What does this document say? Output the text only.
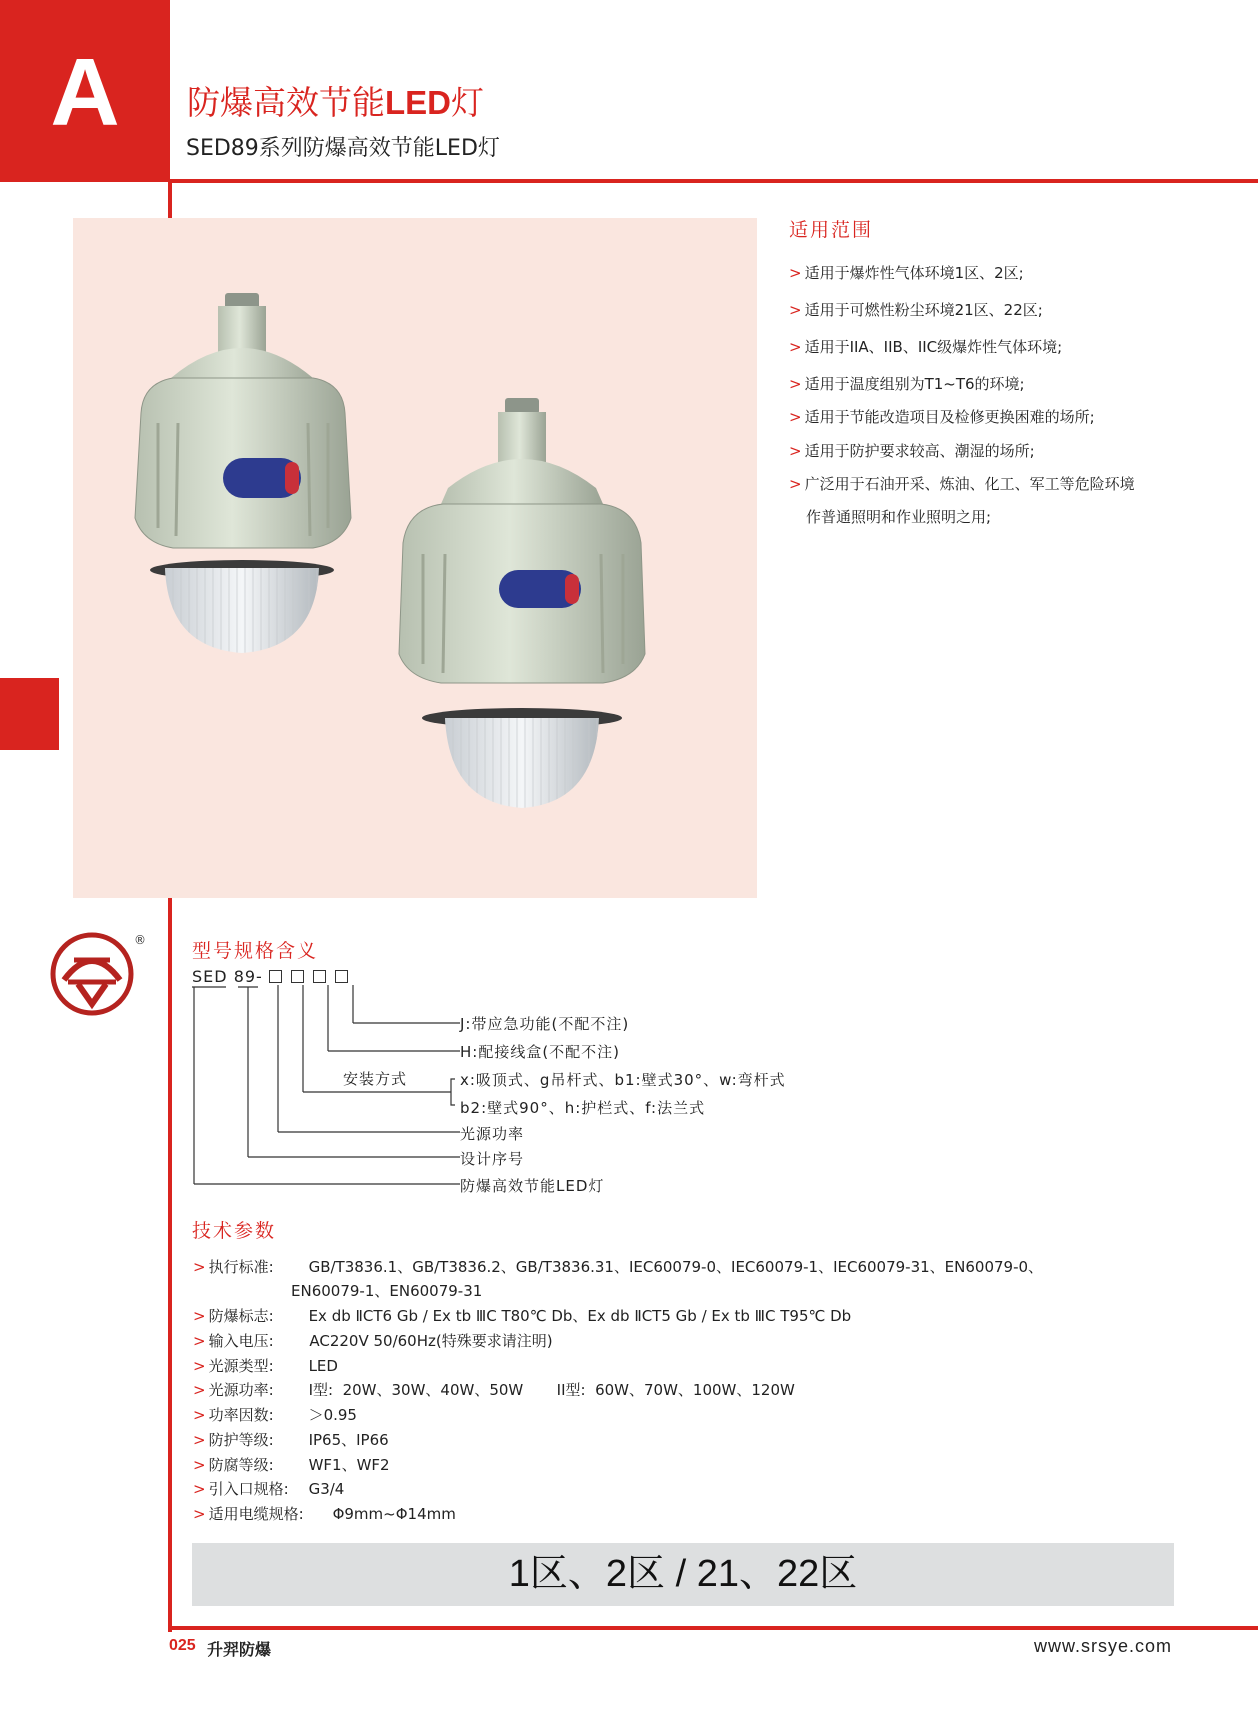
A	防爆高效节能LED灯
SED89系列防爆高效节能LED灯
适用范围
> 适用于爆炸性气体环境1区、2区;
> 适用于可燃性粉尘环境21区、22区;
> 适用于IIA、IIB、IIC级爆炸性气体环境;
> 适用于温度组别为T1~T6的环境;
> 适用于节能改造项目及检修更换困难的场所;
> 适用于防护要求较高、潮湿的场所;
> 广泛用于石油开采、炼油、化工、军工等危险环境
作普通照明和作业照明之用;
® 型号规格含义
SED 89-
J:带应急功能(不配不注)
H:配接线盒(不配不注)
安装方式	x:吸顶式、g吊杆式、b1:壁式30°、w:弯杆式
b2:壁式90°、h:护栏式、f:法兰式
光源功率
设计序号
防爆高效节能LED灯
技术参数
> 执行标准: GB/T3836.1、GB/T3836.2、GB/T3836.31、IEC60079-0、IEC60079-1、IEC60079-31、EN60079-0、
EN60079-1、EN60079-31
> 防爆标志: Ex db ⅡCT6 Gb / Ex tb ⅢC T80℃ Db、Ex db ⅡCT5 Gb / Ex tb ⅢC T95℃ Db
>输入电压: AC220V 50/60Hz(特殊要求请注明)
> 光源类型: LED
> 光源功率: I型:  20W、30W、40W、50W       II型:  60W、70W、100W、120W
> 功率因数: ＞0.95
> 防护等级: IP65、IP66
> 防腐等级: WF1、WF2
> 引入口规格: G3/4
> 适用电缆规格: Φ9mm~Φ14mm
1区、2区 / 21、22区
025 升羿防爆	www.srsye.com
